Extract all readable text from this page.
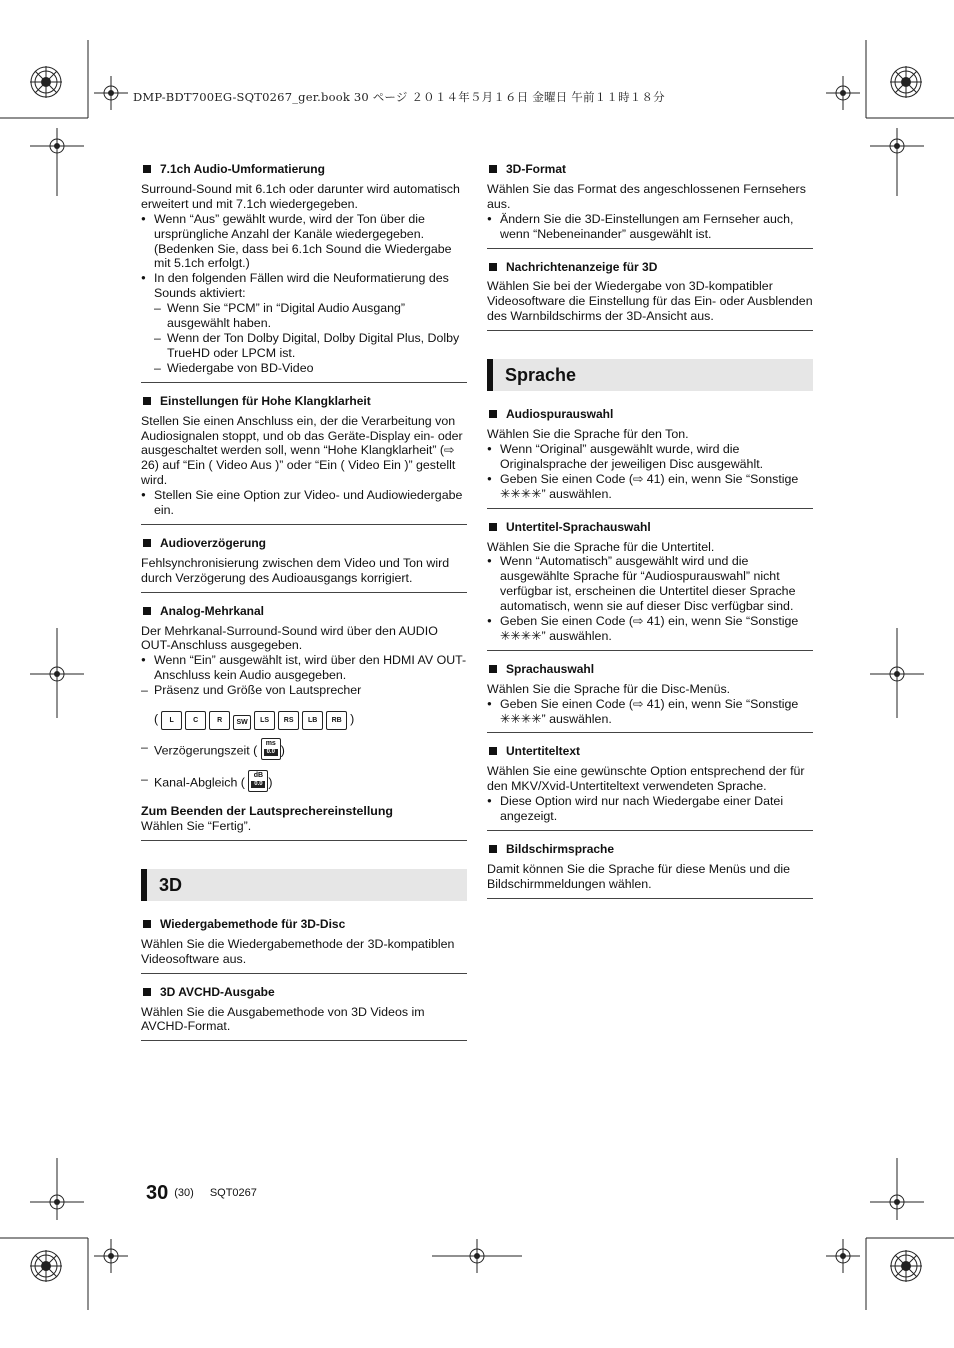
DMP-BDT700EG-SQT0267_ger.book 30 ページ ２０１４年５月１６日 金曜日 午前１１時１８分
7.1ch Audio-Umformatierung

Surround-Sound mit 6.1ch oder darunter wird automatisch erweitert und mit 7.1ch wiedergegeben.

● Wenn “Aus” gewählt wurde, wird der Ton über die ursprüngliche Anzahl der Kanäle wiedergegeben. (Bedenken Sie, dass bei 6.1ch Sound die Wiedergabe mit 5.1ch erfolgt.)

● In den folgenden Fällen wird die Neuformatierung des Sounds aktiviert:

– Wenn Sie “PCM” in “Digital Audio Ausgang” ausgewählt haben.

– Wenn der Ton Dolby Digital, Dolby Digital Plus, Dolby TrueHD oder LPCM ist.

– Wiedergabe von BD-Video

Einstellungen für Hohe Klangklarheit

Stellen Sie einen Anschluss ein, der die Verarbeitung von Audiosignalen stoppt, und ob das Geräte-Display ein- oder ausgeschaltet werden soll, wenn “Hohe Klangklarheit” (⇨ 26) auf “Ein ( Video Aus )” oder “Ein ( Video Ein )” gestellt wird.

● Stellen Sie eine Option zur Video- und Audiowiedergabe ein.

Audioverzögerung

Fehlsynchronisierung zwischen dem Video und Ton wird durch Verzögerung des Audioausgangs korrigiert.

Analog-Mehrkanal

Der Mehrkanal-Surround-Sound wird über den AUDIO OUT-Anschluss ausgegeben.

● Wenn “Ein” ausgewählt ist, wird über den HDMI AV OUT-Anschluss kein Audio ausgegeben.

– Präsenz und Größe von Lautsprecher

(	L	C	R	SW	LS	RS	LB	RB )

– Verzögerungszeit ( ms
0.0 )

– Kanal-Abgleich ( dB
0.0 )

Zum Beenden der Lautsprechereinstellung

Wählen Sie “Fertig”.

3D
Wiedergabemethode für 3D-Disc

Wählen Sie die Wiedergabemethode der 3D-kompatiblen Videosoftware aus.

3D AVCHD-Ausgabe

Wählen Sie die Ausgabemethode von 3D Videos im AVCHD-Format.

3D-Format

Wählen Sie das Format des angeschlossenen Fernsehers aus.

● Ändern Sie die 3D-Einstellungen am Fernseher auch, wenn “Nebeneinander” ausgewählt ist.

Nachrichtenanzeige für 3D

Wählen Sie bei der Wiedergabe von 3D-kompatibler Videosoftware die Einstellung für das Ein- oder Ausblenden des Warnbildschirms der 3D-Ansicht aus.

Sprache
Audiospurauswahl

Wählen Sie die Sprache für den Ton.

● Wenn “Original” ausgewählt wurde, wird die Originalsprache der jeweiligen Disc ausgewählt.

● Geben Sie einen Code (⇨ 41) ein, wenn Sie “Sonstige ✳✳✳✳” auswählen.

Untertitel-Sprachauswahl

Wählen Sie die Sprache für die Untertitel.

● Wenn “Automatisch” ausgewählt wird und die ausgewählte Sprache für “Audiospurauswahl” nicht verfügbar ist, erscheinen die Untertitel dieser Sprache automatisch, wenn sie auf dieser Disc verfügbar sind.

● Geben Sie einen Code (⇨ 41) ein, wenn Sie “Sonstige ✳✳✳✳” auswählen.

Sprachauswahl

Wählen Sie die Sprache für die Disc-Menüs.

● Geben Sie einen Code (⇨ 41) ein, wenn Sie “Sonstige ✳✳✳✳” auswählen.

Untertiteltext

Wählen Sie eine gewünschte Option entsprechend der für den MKV/Xvid-Untertiteltext verwendeten Sprache.

● Diese Option wird nur nach Wiedergabe einer Datei angezeigt.

Bildschirmsprache

Damit können Sie die Sprache für diese Menüs und die Bildschirmmeldungen wählen.

30 (30) SQT0267
